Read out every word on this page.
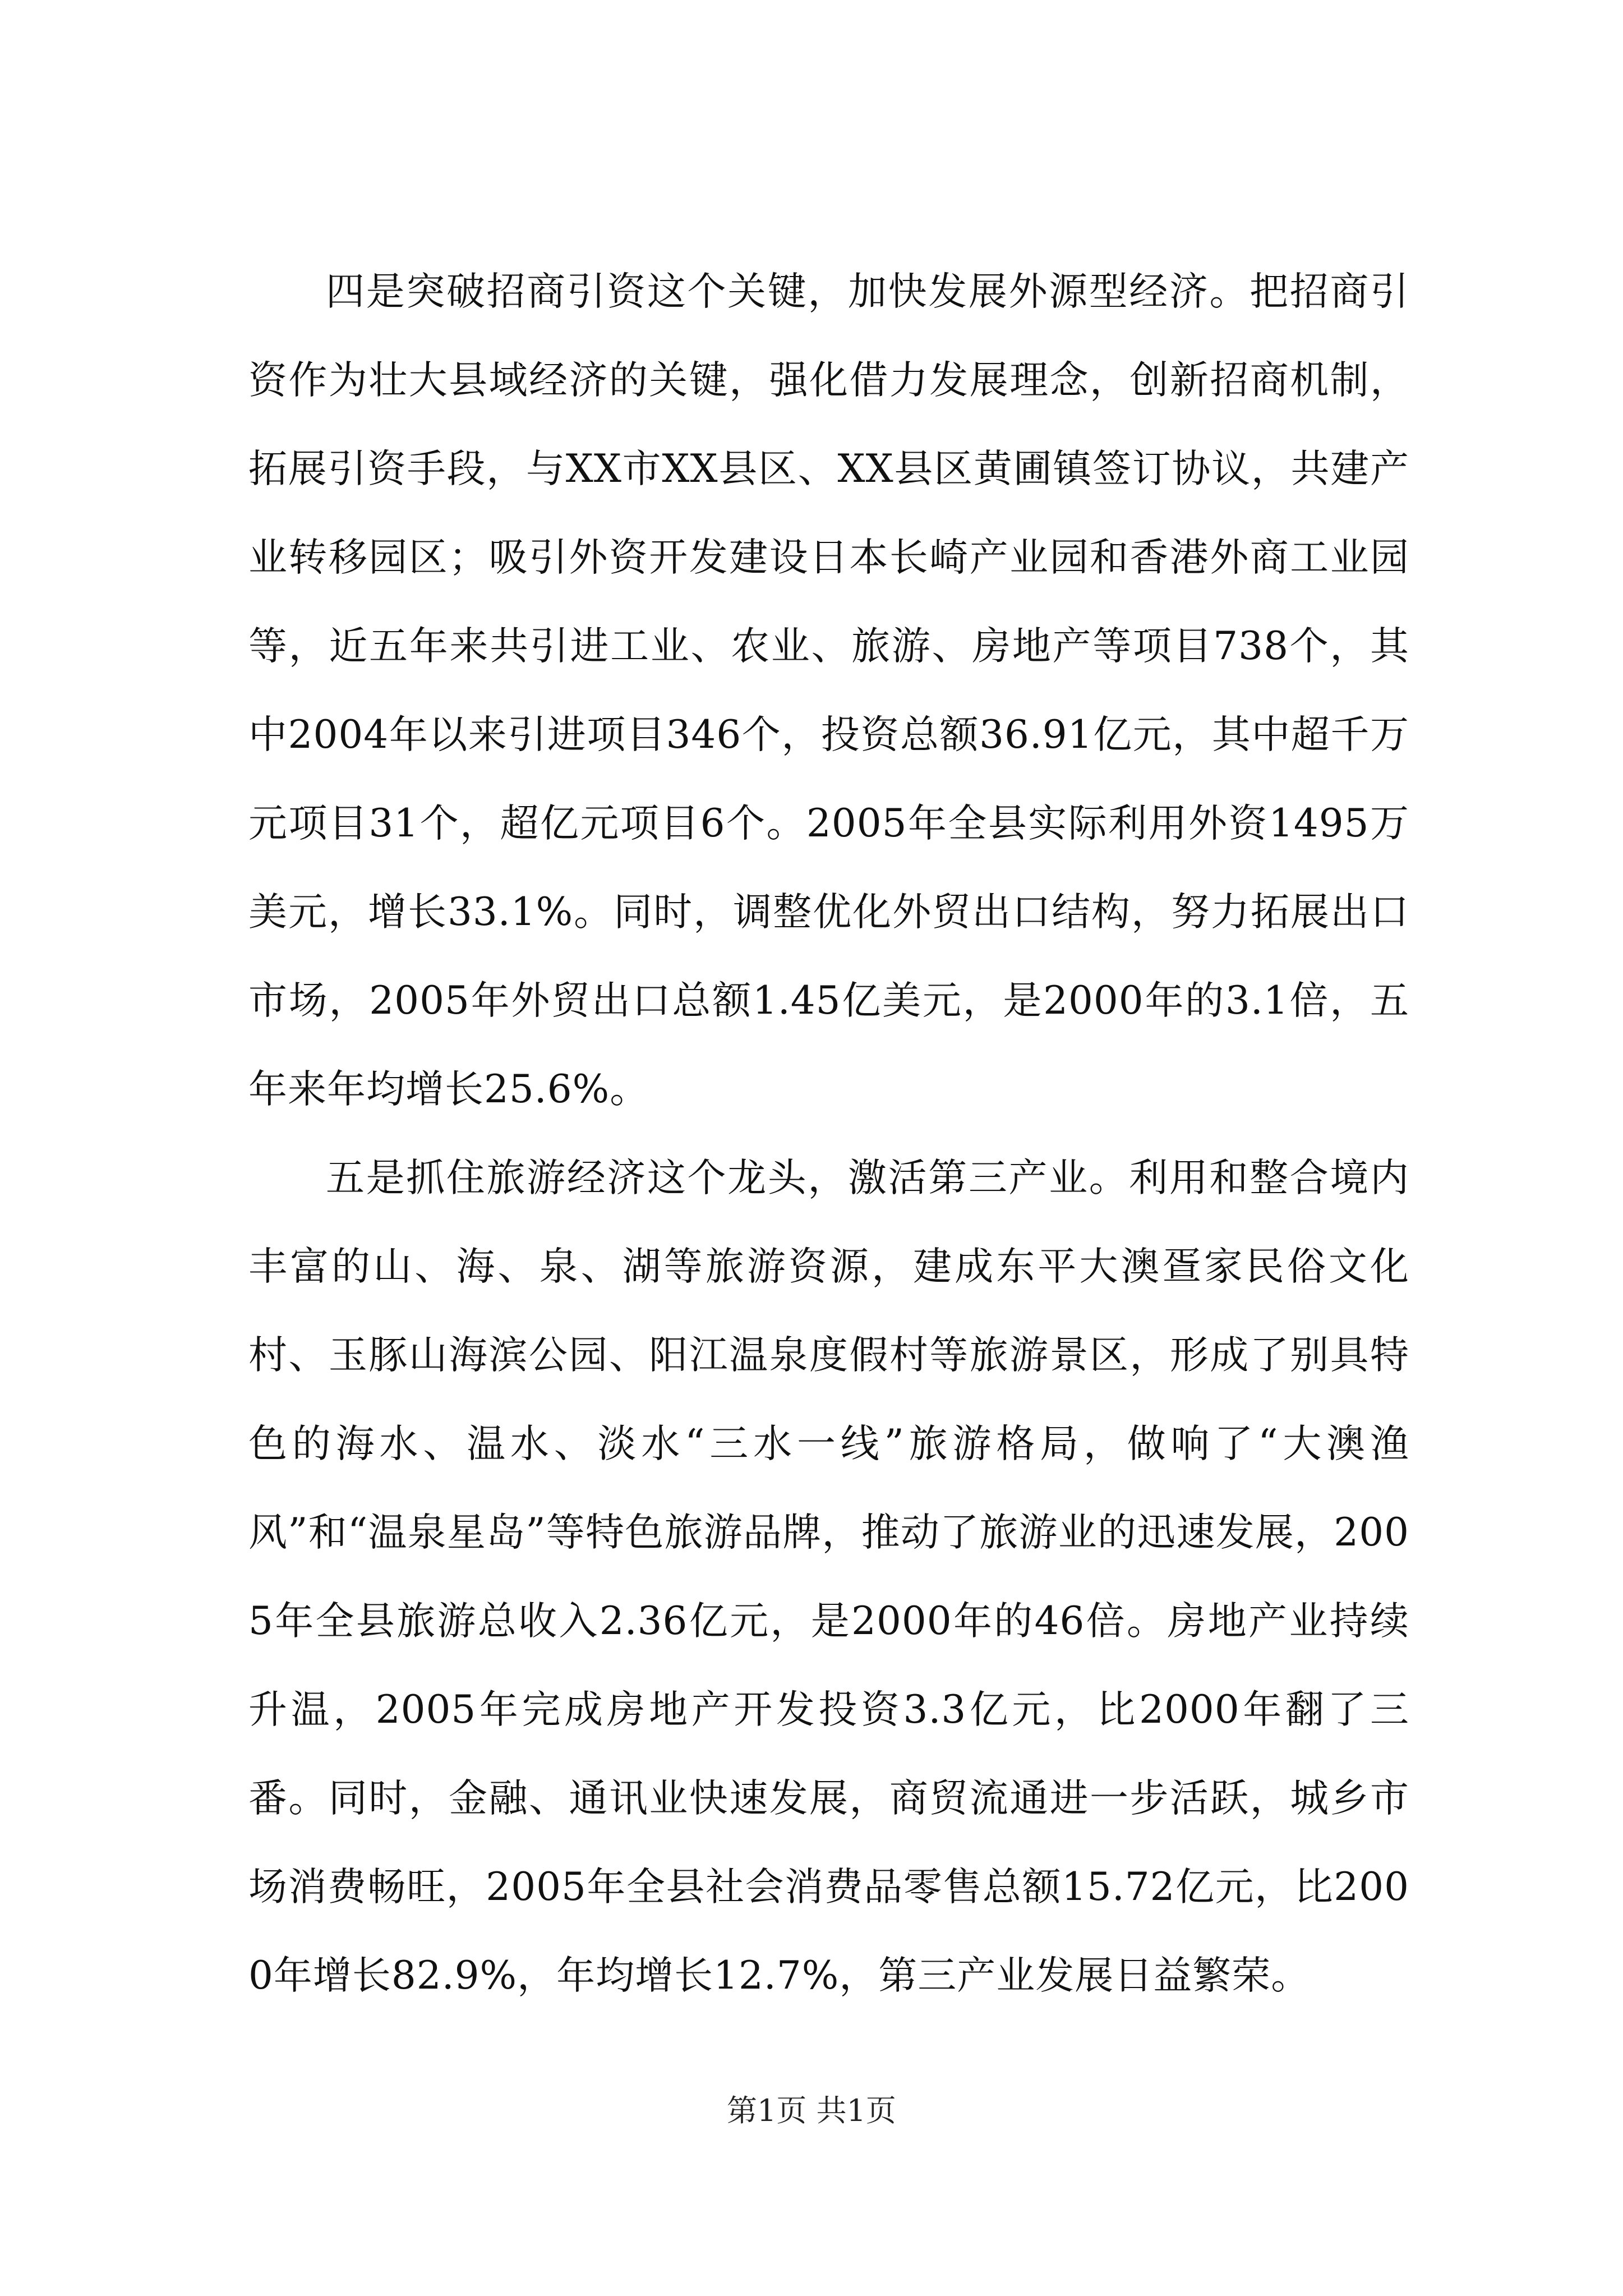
四是突破招商引资这个关键，加快发展外源型经济。把招商引资作为壮大县域经济的关键，强化借力发展理念，创新招商机制，拓展引资手段，与XX市XX县区、XX县区黄圃镇签订协议，共建产业转移园区；吸引外资开发建设日本长崎产业园和香港外商工业园等，近五年来共引进工业、农业、旅游、房地产等项目738个，其中2004年以来引进项目346个，投资总额36.91亿元，其中超千万元项目31个，超亿元项目6个。2005年全县实际利用外资1495万美元，增长33.1%。同时，调整优化外贸出口结构，努力拓展出口市场，2005年外贸出口总额1.45亿美元，是2000年的3.1倍，五年来年均增长25.6%。

五是抓住旅游经济这个龙头，激活第三产业。利用和整合境内丰富的山、海、泉、湖等旅游资源，建成东平大澳疍家民俗文化村、玉豚山海滨公园、阳江温泉度假村等旅游景区，形成了别具特色的海水、温水、淡水“三水一线”旅游格局，做响了“大澳渔风”和“温泉星岛”等特色旅游品牌，推动了旅游业的迅速发展，2005年全县旅游总收入2.36亿元，是2000年的46倍。房地产业持续升温，2005年完成房地产开发投资3.3亿元，比2000年翻了三番。同时，金融、通讯业快速发展，商贸流通进一步活跃，城乡市场消费畅旺，2005年全县社会消费品零售总额15.72亿元，比2000年增长82.9%，年均增长12.7%，第三产业发展日益繁荣。

第1页 共1页
